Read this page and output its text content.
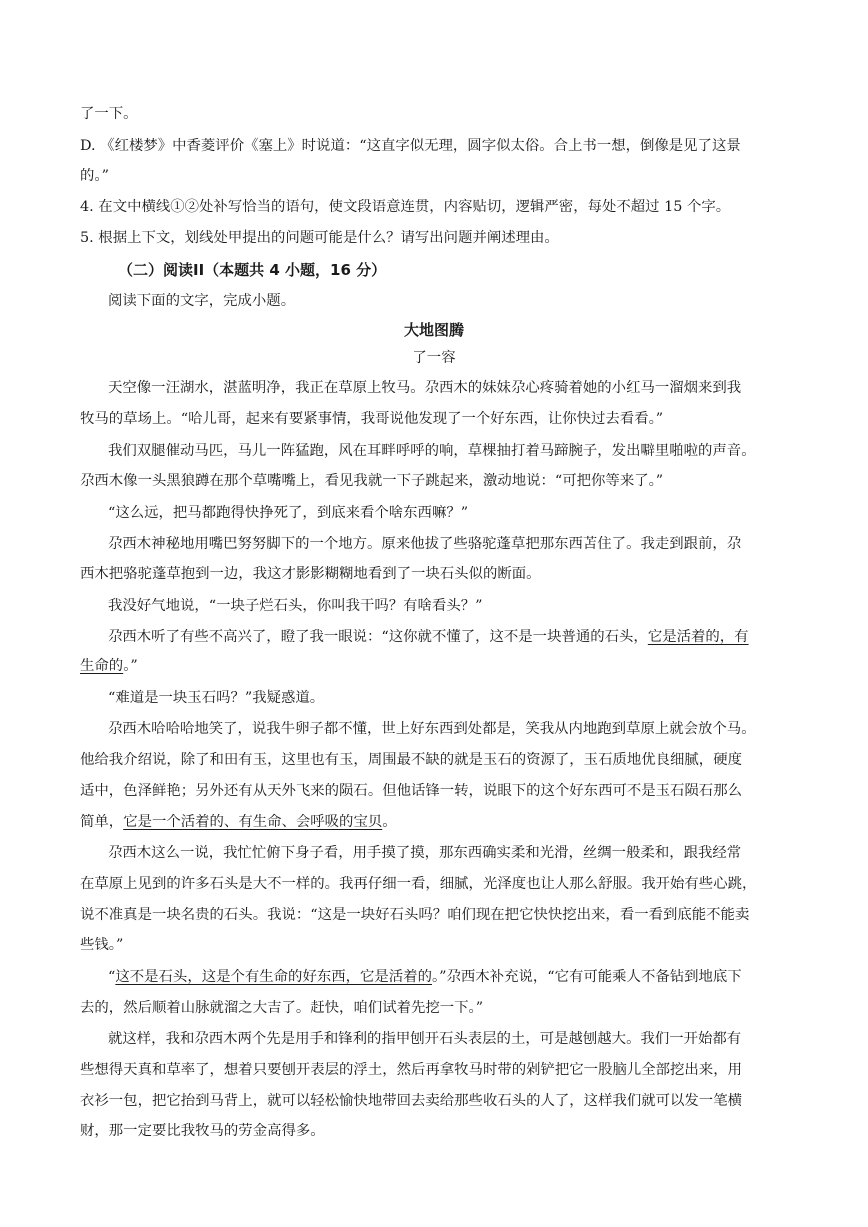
了一下。
D. 《红楼梦》中香菱评价《塞上》时说道：“这直字似无理，圆字似太俗。合上书一想，倒像是见了这景
的。”
4. 在文中横线①②处补写恰当的语句，使文段语意连贯，内容贴切，逻辑严密，每处不超过 15 个字。
5. 根据上下文，划线处甲提出的问题可能是什么？请写出问题并阐述理由。
（二）阅读II（本题共 4 小题，16 分）
阅读下面的文字，完成小题。
大地图腾
了一容
天空像一汪湖水，湛蓝明净，我正在草原上牧马。尕西木的妹妹尕心疼骑着她的小红马一溜烟来到我
牧马的草场上。“哈儿哥，起来有要紧事情，我哥说他发现了一个好东西，让你快过去看看。”
我们双腿催动马匹，马儿一阵猛跑，风在耳畔呼呼的响，草棵抽打着马蹄腕子，发出噼里啪啦的声音。
尕西木像一头黑狼蹲在那个草嘴嘴上，看见我就一下子跳起来，激动地说：“可把你等来了。”
“这么远，把马都跑得快挣死了，到底来看个啥东西嘛？”
尕西木神秘地用嘴巴努努脚下的一个地方。原来他拔了些骆驼蓬草把那东西苫住了。我走到跟前，尕
西木把骆驼蓬草抱到一边，我这才影影糊糊地看到了一块石头似的断面。
我没好气地说，“一块子烂石头，你叫我干吗？有啥看头？”
尕西木听了有些不高兴了，瞪了我一眼说：“这你就不懂了，这不是一块普通的石头，它是活着的，有
生命的。”
“难道是一块玉石吗？”我疑惑道。
尕西木哈哈哈地笑了，说我牛卵子都不懂，世上好东西到处都是，笑我从内地跑到草原上就会放个马。
他给我介绍说，除了和田有玉，这里也有玉，周围最不缺的就是玉石的资源了，玉石质地优良细腻，硬度
适中，色泽鲜艳；另外还有从天外飞来的陨石。但他话锋一转，说眼下的这个好东西可不是玉石陨石那么
简单，它是一个活着的、有生命、会呼吸的宝贝。
尕西木这么一说，我忙忙俯下身子看，用手摸了摸，那东西确实柔和光滑，丝绸一般柔和，跟我经常
在草原上见到的许多石头是大不一样的。我再仔细一看，细腻，光泽度也让人那么舒服。我开始有些心跳，
说不准真是一块名贵的石头。我说：“这是一块好石头吗？咱们现在把它快快挖出来，看一看到底能不能卖
些钱。”
“这不是石头，这是个有生命的好东西，它是活着的。”尕西木补充说，“它有可能乘人不备钻到地底下
去的，然后顺着山脉就溜之大吉了。赶快，咱们试着先挖一下。”
就这样，我和尕西木两个先是用手和锋利的指甲刨开石头表层的土，可是越刨越大。我们一开始都有
些想得天真和草率了，想着只要刨开表层的浮土，然后再拿牧马时带的剁铲把它一股脑儿全部挖出来，用
衣衫一包，把它抬到马背上，就可以轻松愉快地带回去卖给那些收石头的人了，这样我们就可以发一笔横
财，那一定要比我牧马的劳金高得多。
